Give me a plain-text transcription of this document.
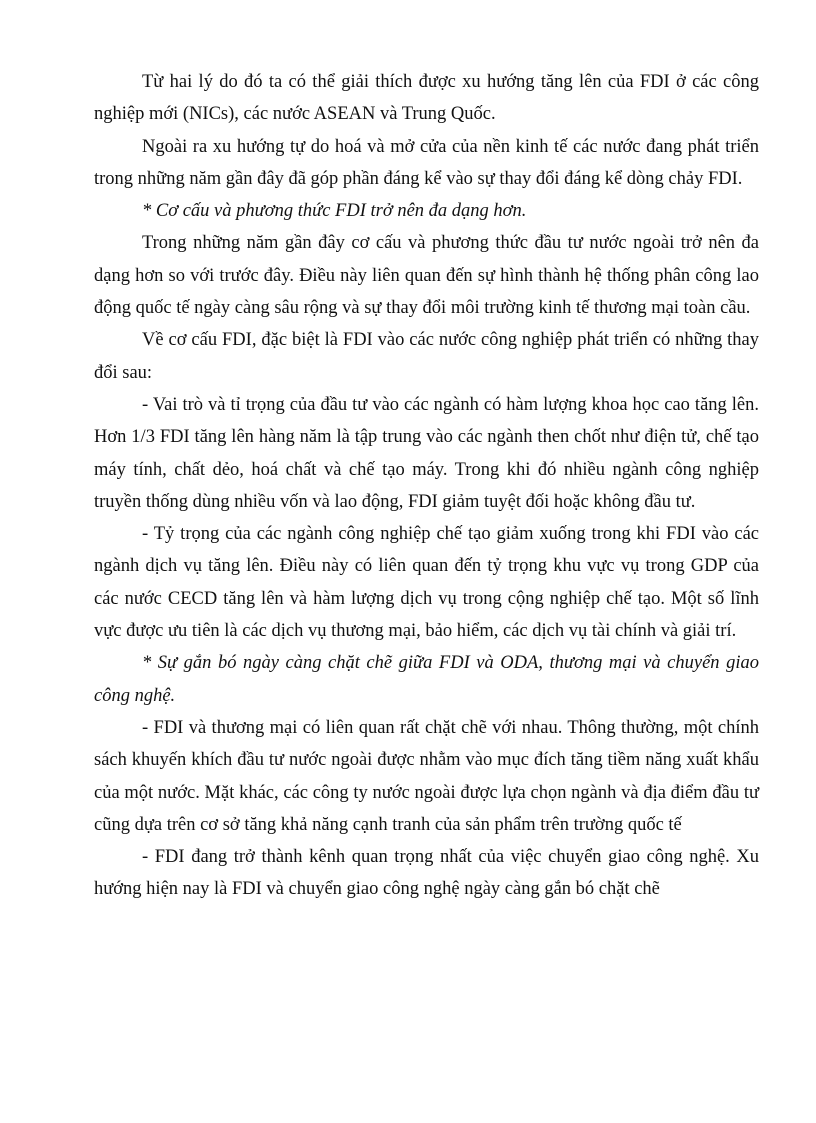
Từ hai lý do đó ta có thể giải thích được xu hướng tăng lên của FDI ở các công nghiệp mới (NICs), các nước ASEAN và Trung Quốc.

Ngoài ra xu hướng tự do hoá và mở cửa của nền kinh tế các nước đang phát triển trong những năm gần đây đã góp phần đáng kể vào sự thay đổi đáng kể dòng chảy FDI.

* Cơ cấu và phương thức FDI trở nên đa dạng hơn.

Trong những năm gần đây cơ cấu và phương thức đầu tư nước ngoài trở nên đa dạng hơn so với trước đây. Điều này liên quan đến sự hình thành hệ thống phân công lao động quốc tế ngày càng sâu rộng và sự thay đổi môi trường kinh tế thương mại toàn cầu.

Về cơ cấu FDI, đặc biệt là FDI vào các nước công nghiệp phát triển có những thay đổi sau:

- Vai trò và tỉ trọng của đầu tư vào các ngành có hàm lượng khoa học cao tăng lên. Hơn 1/3 FDI tăng lên hàng năm là tập trung vào các ngành then chốt như điện tử, chế tạo máy tính, chất dẻo, hoá chất và chế tạo máy. Trong khi đó nhiều ngành công nghiệp truyền thống dùng nhiều vốn và lao động, FDI giảm tuyệt đối hoặc không đầu tư.

- Tỷ trọng của các ngành công nghiệp chế tạo giảm xuống trong khi FDI vào các ngành dịch vụ tăng lên. Điều này có liên quan đến tỷ trọng khu vực vụ trong GDP của các nước CECD tăng lên và hàm lượng dịch vụ trong cộng nghiệp chế tạo. Một số lĩnh vực được ưu tiên là các dịch vụ thương mại, bảo hiểm, các dịch vụ tài chính và giải trí.

* Sự gắn bó ngày càng chặt chẽ giữa FDI và ODA, thương mại và chuyển giao công nghệ.

- FDI và thương mại có liên quan rất chặt chẽ với nhau. Thông thường, một chính sách khuyến khích đầu tư nước ngoài được nhằm vào mục đích tăng tiềm năng xuất khẩu của một nước. Mặt khác, các công ty nước ngoài được lựa chọn ngành và địa điểm đầu tư cũng dựa trên cơ sở tăng khả năng cạnh tranh của sản phẩm trên trường quốc tế

- FDI đang trở thành kênh quan trọng nhất của việc chuyển giao công nghệ. Xu hướng hiện nay là FDI và chuyển giao công nghệ ngày càng gắn bó chặt chẽ
